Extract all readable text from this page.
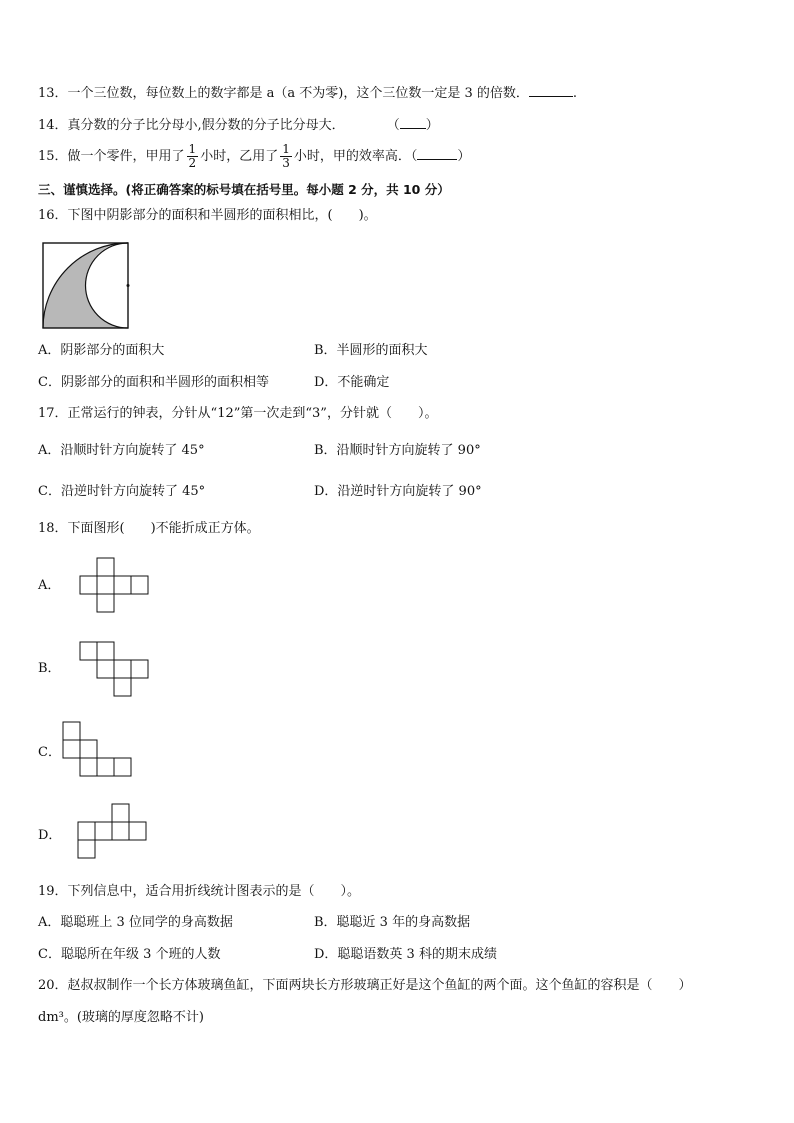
13．一个三位数，每位数上的数字都是 a（a 不为零)，这个三位数一定是 3 的倍数．	.
14．真分数的分子比分母小,假分数的分子比分母大．	（ ）
15．做一个零件，甲用了 $\frac{1}{2}$ 小时，乙用了 $\frac{1}{3}$ 小时，甲的效率高．（	）
三、谨慎选择。(将正确答案的标号填在括号里。每小题 2 分，共 10 分）
16．下图中阴影部分的面积和半圆形的面积相比，(　　)。
A．阴影部分的面积大	B．半圆形的面积大
C．阴影部分的面积和半圆形的面积相等	D．不能确定
17．正常运行的钟表，分针从“12”第一次走到“3”，分针就（　　）。
A．沿顺时针方向旋转了 45°	B．沿顺时针方向旋转了 90°
C．沿逆时针方向旋转了 45°	D．沿逆时针方向旋转了 90°
18．下面图形(　　)不能折成正方体。
A．
B．
C．
D．
19．下列信息中，适合用折线统计图表示的是（　　）。
A．聪聪班上 3 位同学的身高数据	B．聪聪近 3 年的身高数据
C．聪聪所在年级 3 个班的人数	D．聪聪语数英 3 科的期末成绩
20．赵叔叔制作一个长方体玻璃鱼缸，下面两块长方形玻璃正好是这个鱼缸的两个面。这个鱼缸的容积是（　　）
dm³。(玻璃的厚度忽略不计)
